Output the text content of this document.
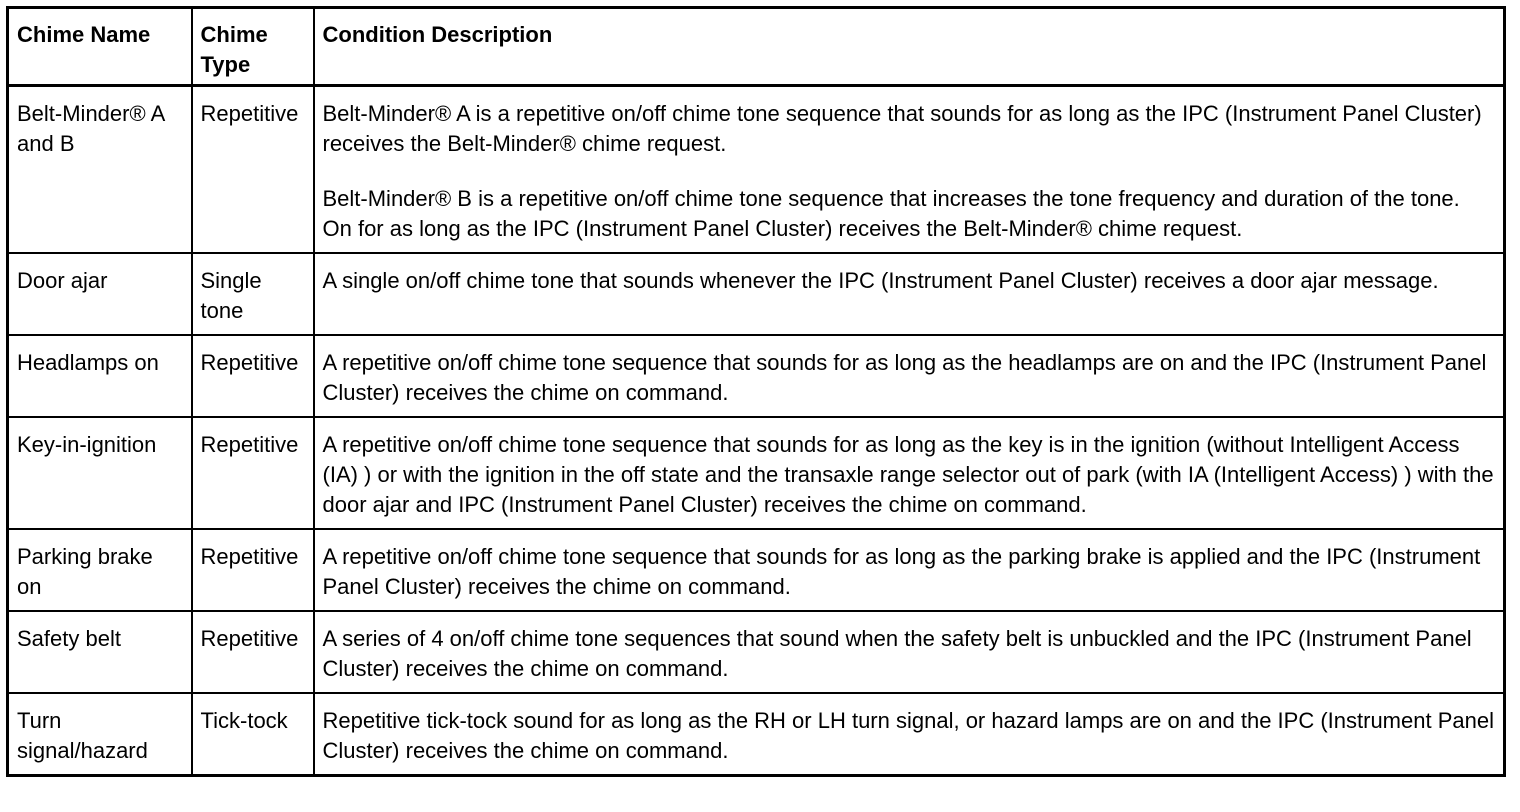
Chime Name	Chime Type	Condition Description
Belt-Minder® A and B	Repetitive	Belt-Minder® A is a repetitive on/off chime tone sequence that sounds for as long as the IPC (Instrument Panel Cluster) receives the Belt-Minder® chime request.

Belt-Minder® B is a repetitive on/off chime tone sequence that increases the tone frequency and duration of the tone. On for as long as the IPC (Instrument Panel Cluster) receives the Belt-Minder® chime request.

Door ajar	Single tone	A single on/off chime tone that sounds whenever the IPC (Instrument Panel Cluster) receives a door ajar message.

Headlamps on	Repetitive	A repetitive on/off chime tone sequence that sounds for as long as the headlamps are on and the IPC (Instrument Panel Cluster) receives the chime on command.

Key-in-ignition	Repetitive	A repetitive on/off chime tone sequence that sounds for as long as the key is in the ignition (without Intelligent Access (IA) ) or with the ignition in the off state and the transaxle range selector out of park (with IA (Intelligent Access) ) with the door ajar and IPC (Instrument Panel Cluster) receives the chime on command.

Parking brake on	Repetitive	A repetitive on/off chime tone sequence that sounds for as long as the parking brake is applied and the IPC (Instrument Panel Cluster) receives the chime on command.

Safety belt	Repetitive	A series of 4 on/off chime tone sequences that sound when the safety belt is unbuckled and the IPC (Instrument Panel Cluster) receives the chime on command.

Turn signal/hazard	Tick-tock	Repetitive tick-tock sound for as long as the RH or LH turn signal, or hazard lamps are on and the IPC (Instrument Panel Cluster) receives the chime on command.
